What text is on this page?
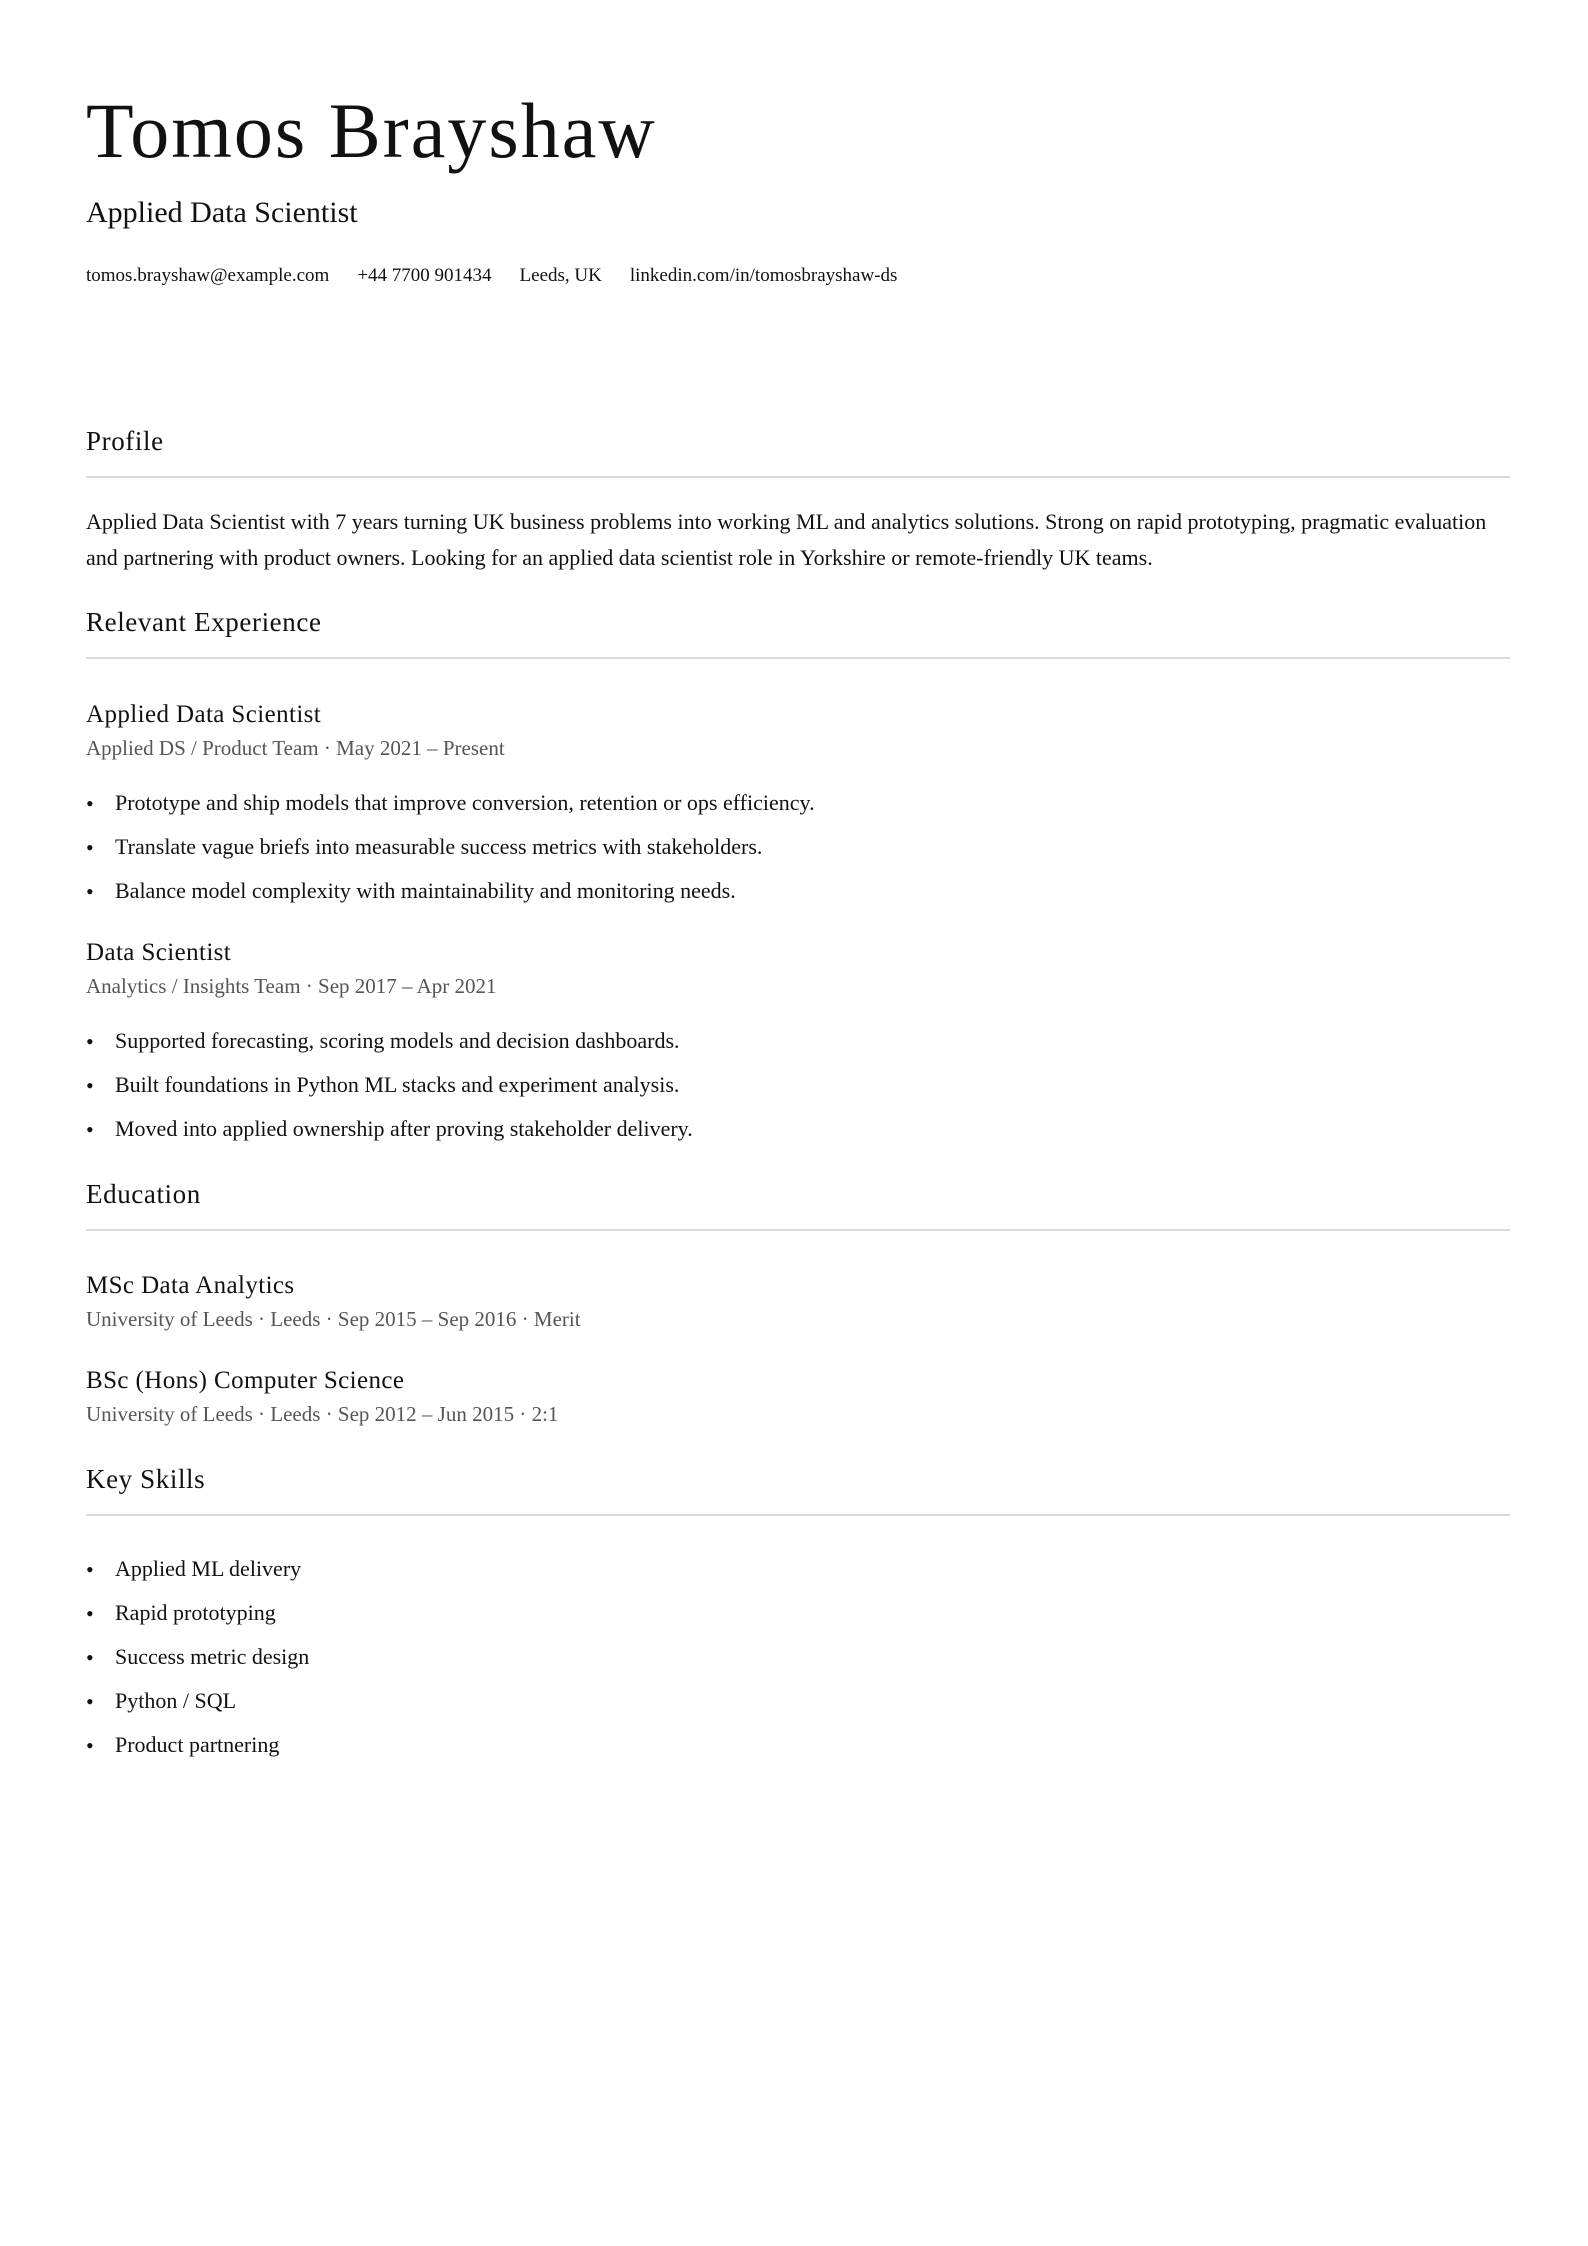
Tomos Brayshaw
Applied Data Scientist
tomos.brayshaw@example.com +44 7700 901434 Leeds, UK linkedin.com/in/tomosbrayshaw-ds
Profile
Applied Data Scientist with 7 years turning UK business problems into working ML and analytics solutions. Strong on rapid prototyping, pragmatic evaluation and partnering with product owners. Looking for an applied data scientist role in Yorkshire or remote-friendly UK teams.
Relevant Experience
Applied Data Scientist
Applied DS / Product Team · May 2021 – Present
• Prototype and ship models that improve conversion, retention or ops efficiency.
• Translate vague briefs into measurable success metrics with stakeholders.
• Balance model complexity with maintainability and monitoring needs.
Data Scientist
Analytics / Insights Team · Sep 2017 – Apr 2021
• Supported forecasting, scoring models and decision dashboards.
• Built foundations in Python ML stacks and experiment analysis.
• Moved into applied ownership after proving stakeholder delivery.
Education
MSc Data Analytics
University of Leeds · Leeds · Sep 2015 – Sep 2016 · Merit
BSc (Hons) Computer Science
University of Leeds · Leeds · Sep 2012 – Jun 2015 · 2:1
Key Skills
• Applied ML delivery
• Rapid prototyping
• Success metric design
• Python / SQL
• Product partnering
